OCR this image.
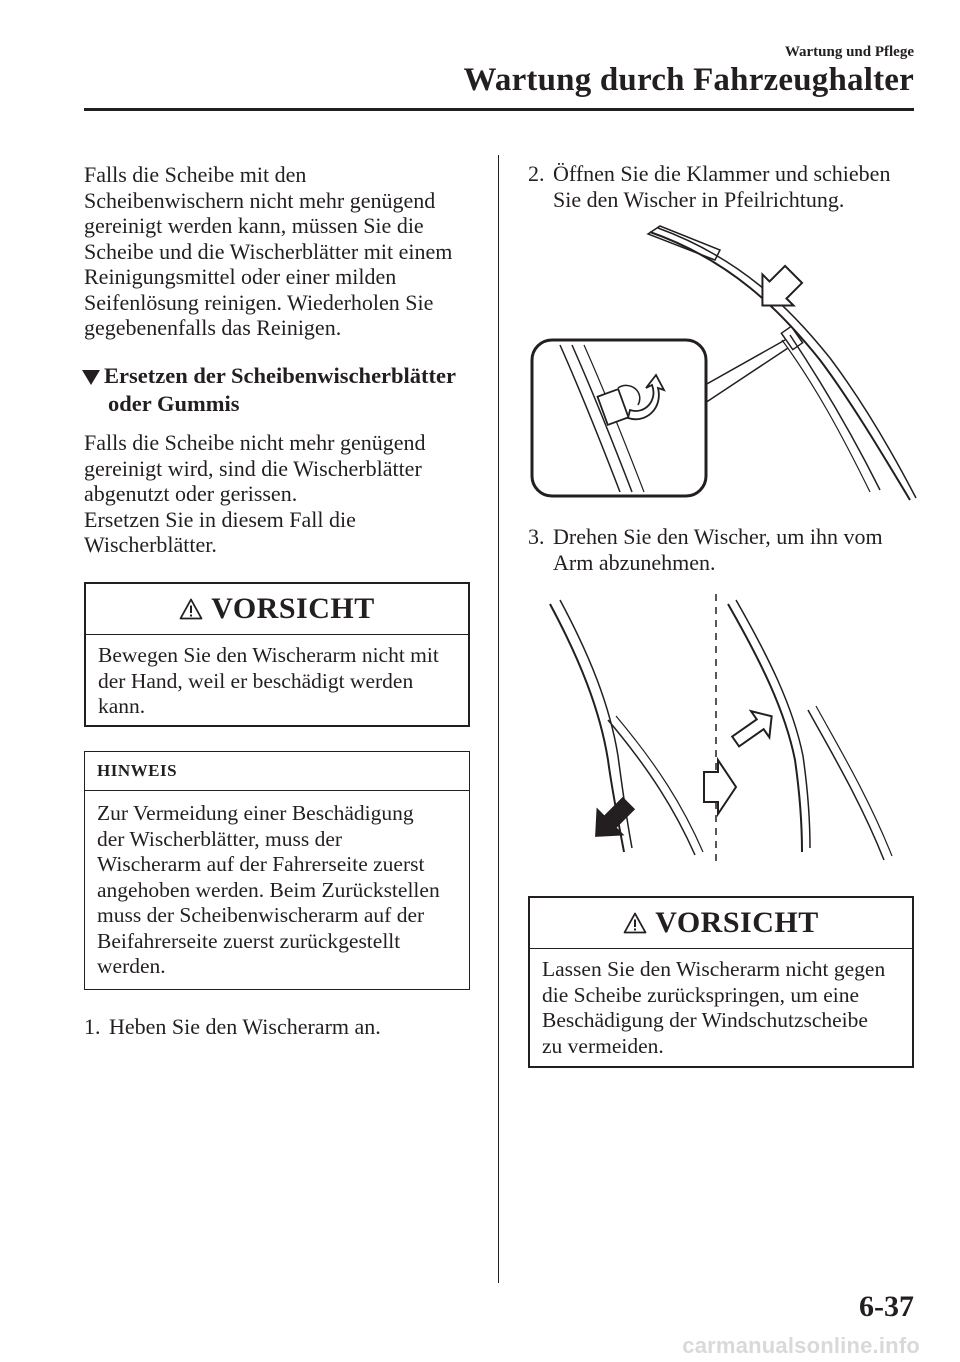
Wartung und Pflege
Wartung durch Fahrzeughalter

Falls die Scheibe mit den

Scheibenwischern nicht mehr genügend

gereinigt werden kann, müssen Sie die

Scheibe und die Wischerblätter mit einem

Reinigungsmittel oder einer milden

Seifenlösung reinigen. Wiederholen Sie

gegebenenfalls das Reinigen.

Ersetzen der Scheibenwischerblätter
oder Gummis

Falls die Scheibe nicht mehr genügend

gereinigt wird, sind die Wischerblätter

abgenutzt oder gerissen.

Ersetzen Sie in diesem Fall die

Wischerblätter.

VORSICHT
Bewegen Sie den Wischerarm nicht mit
der Hand, weil er beschädigt werden
kann.
HINWEIS
Zur Vermeidung einer Beschädigung
der Wischerblätter, muss der
Wischerarm auf der Fahrerseite zuerst
angehoben werden. Beim Zurückstellen
muss der Scheibenwischerarm auf der
Beifahrerseite zuerst zurückgestellt
werden.
1. Heben Sie den Wischerarm an.
2. Öffnen Sie die Klammer und schieben
Sie den Wischer in Pfeilrichtung.
3. Drehen Sie den Wischer, um ihn vom
Arm abzunehmen.
VORSICHT
Lassen Sie den Wischerarm nicht gegen
die Scheibe zurückspringen, um eine
Beschädigung der Windschutzscheibe
zu vermeiden.
6-37
carmanualsonline.info
